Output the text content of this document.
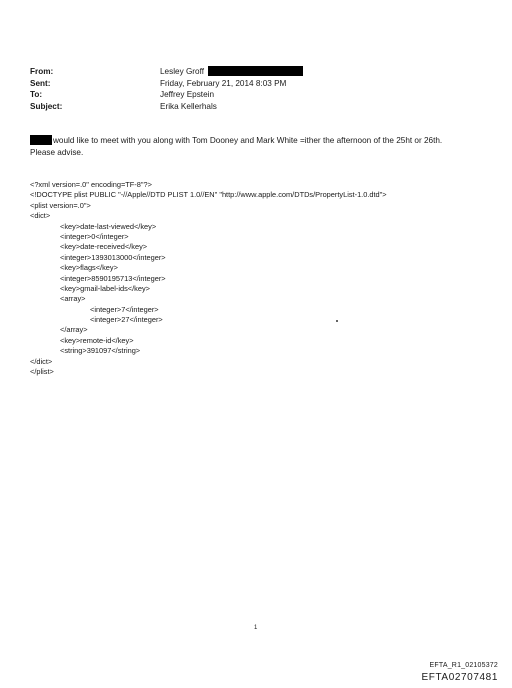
From:	Lesley Groff
Sent:	Friday, February 21, 2014 8:03 PM
To:	Jeffrey Epstein
Subject:	Erika Kellerhals
would like to meet with you along with Tom Dooney and Mark White =ither the afternoon of the 25ht or 26th.
Please advise.
<?xml version=.0" encoding=TF-8"?>
<!DOCTYPE plist PUBLIC "-//Apple//DTD PLIST 1.0//EN" "http://www.apple.com/DTDs/PropertyList-1.0.dtd">
<plist version=.0">
<dict>
<key>date-last-viewed</key>
<integer>0</integer>
<key>date-received</key>
<integer>1393013000</integer>
<key>flags</key>
<integer>8590195713</integer>
<key>gmail-label-ids</key>
<array>
<integer>7</integer>
<integer>27</integer>
</array>
<key>remote-id</key>
<string>391097</string>
</dict>
</plist>
1
EFTA_R1_02105372
EFTA02707481
